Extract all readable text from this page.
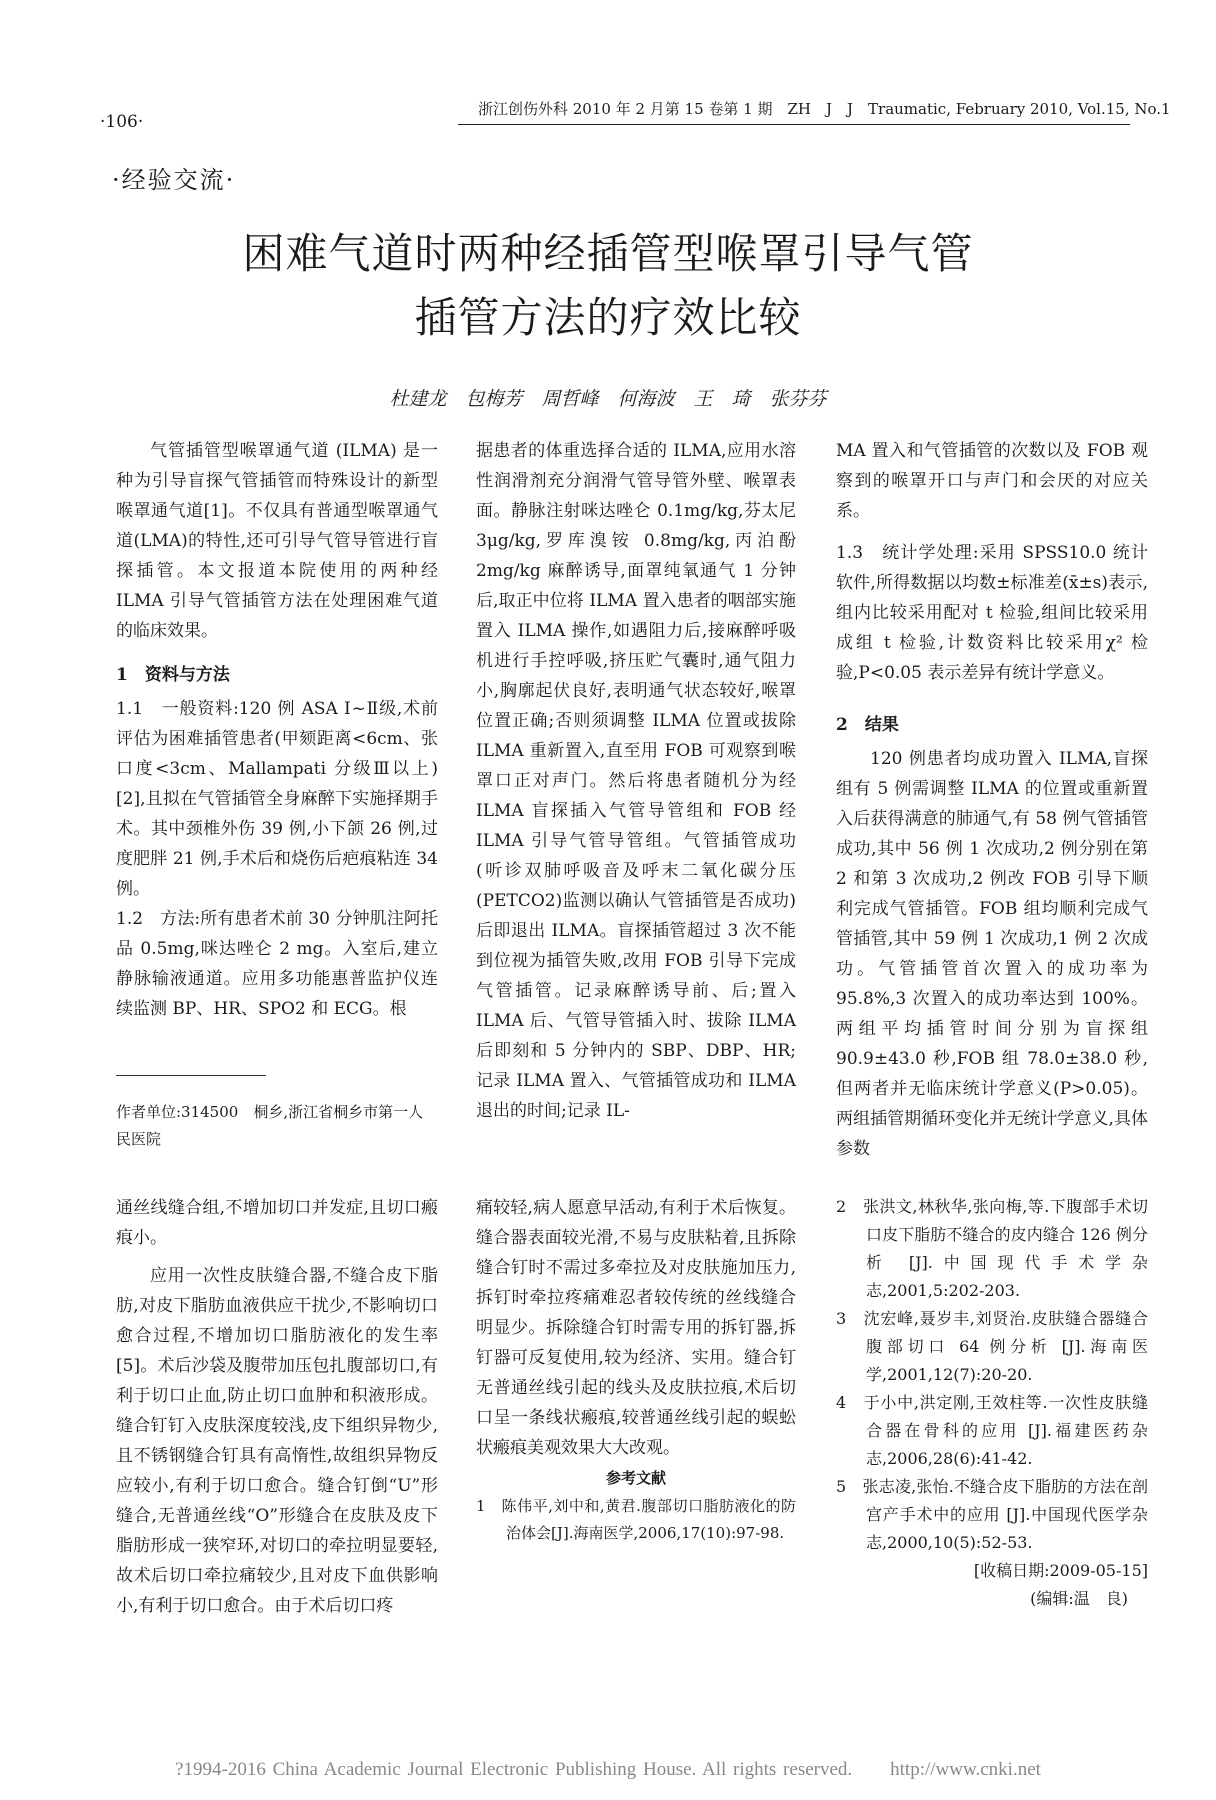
·106·
浙江创伤外科 2010 年 2 月第 15 卷第 1 期　ZH　J　J　Traumatic, February 2010, Vol.15, No.1
·经验交流·
困难气道时两种经插管型喉罩引导气管
插管方法的疗效比较
杜建龙　包梅芳　周哲峰　何海波　王　琦　张芬芬

气管插管型喉罩通气道 (ILMA) 是一种为引导盲探气管插管而特殊设计的新型喉罩通气道[1]。不仅具有普通型喉罩通气道(LMA)的特性,还可引导气管导管进行盲探插管。本文报道本院使用的两种经 ILMA 引导气管插管方法在处理困难气道的临床效果。

1　资料与方法

1.1　一般资料:120 例 ASA Ⅰ~Ⅱ级,术前评估为困难插管患者(甲颏距离<6cm、张口度<3cm、Mallampati 分级Ⅲ以上)[2],且拟在气管插管全身麻醉下实施择期手术。其中颈椎外伤 39 例,小下颌 26 例,过度肥胖 21 例,手术后和烧伤后疤痕粘连 34 例。

1.2　方法:所有患者术前 30 分钟肌注阿托品 0.5mg,咪达唑仑 2 mg。入室后,建立静脉输液通道。应用多功能惠普监护仪连续监测 BP、HR、SPO2 和 ECG。根

作者单位:314500　桐乡,浙江省桐乡市第一人民医院

据患者的体重选择合适的 ILMA,应用水溶性润滑剂充分润滑气管导管外壁、喉罩表面。静脉注射咪达唑仑 0.1mg/kg,芬太尼 3μg/kg,罗库溴铵 0.8mg/kg,丙泊酚 2mg/kg 麻醉诱导,面罩纯氧通气 1 分钟后,取正中位将 ILMA 置入患者的咽部实施置入 ILMA 操作,如遇阻力后,接麻醉呼吸机进行手控呼吸,挤压贮气囊时,通气阻力小,胸廓起伏良好,表明通气状态较好,喉罩位置正确;否则须调整 ILMA 位置或拔除 ILMA 重新置入,直至用 FOB 可观察到喉罩口正对声门。然后将患者随机分为经 ILMA 盲探插入气管导管组和 FOB 经 ILMA 引导气管导管组。气管插管成功 (听诊双肺呼吸音及呼末二氧化碳分压(PETCO2)监测以确认气管插管是否成功)后即退出 ILMA。盲探插管超过 3 次不能到位视为插管失败,改用 FOB 引导下完成气管插管。记录麻醉诱导前、后;置入 ILMA 后、气管导管插入时、拔除 ILMA 后即刻和 5 分钟内的 SBP、DBP、HR;记录 ILMA 置入、气管插管成功和 ILMA 退出的时间;记录 IL-

MA 置入和气管插管的次数以及 FOB 观察到的喉罩开口与声门和会厌的对应关系。

1.3　统计学处理:采用 SPSS10.0 统计软件,所得数据以均数±标准差(x̄±s)表示,组内比较采用配对 t 检验,组间比较采用成组 t 检验,计数资料比较采用χ² 检验,P<0.05 表示差异有统计学意义。

2　结果

120 例患者均成功置入 ILMA,盲探组有 5 例需调整 ILMA 的位置或重新置入后获得满意的肺通气,有 58 例气管插管成功,其中 56 例 1 次成功,2 例分别在第 2 和第 3 次成功,2 例改 FOB 引导下顺利完成气管插管。FOB 组均顺利完成气管插管,其中 59 例 1 次成功,1 例 2 次成功。气管插管首次置入的成功率为 95.8%,3 次置入的成功率达到 100%。两组平均插管时间分别为盲探组 90.9±43.0 秒,FOB 组 78.0±38.0 秒,但两者并无临床统计学意义(P>0.05)。两组插管期循环变化并无统计学意义,具体参数

通丝线缝合组,不增加切口并发症,且切口瘢痕小。

应用一次性皮肤缝合器,不缝合皮下脂肪,对皮下脂肪血液供应干扰少,不影响切口愈合过程,不增加切口脂肪液化的发生率[5]。术后沙袋及腹带加压包扎腹部切口,有利于切口止血,防止切口血肿和积液形成。缝合钉钉入皮肤深度较浅,皮下组织异物少,且不锈钢缝合钉具有高惰性,故组织异物反应较小,有利于切口愈合。缝合钉倒“U”形缝合,无普通丝线“O”形缝合在皮肤及皮下脂肪形成一狭窄环,对切口的牵拉明显要轻,故术后切口牵拉痛较少,且对皮下血供影响小,有利于切口愈合。由于术后切口疼

痛较轻,病人愿意早活动,有利于术后恢复。缝合器表面较光滑,不易与皮肤粘着,且拆除缝合钉时不需过多牵拉及对皮肤施加压力,拆钉时牵拉疼痛难忍者较传统的丝线缝合明显少。拆除缝合钉时需专用的拆钉器,拆钉器可反复使用,较为经济、实用。缝合钉无普通丝线引起的线头及皮肤拉痕,术后切口呈一条线状瘢痕,较普通丝线引起的蜈蚣状瘢痕美观效果大大改观。

参考文献

1　陈伟平,刘中和,黄君.腹部切口脂肪液化的防治体会[J].海南医学,2006,17(10):97-98.

2　张洪文,林秋华,张向梅,等.下腹部手术切口皮下脂肪不缝合的皮内缝合 126 例分析 [J].中国现代手术学杂志,2001,5:202-203.

3　沈宏峰,聂岁丰,刘贤治.皮肤缝合器缝合腹部切口 64 例分析 [J].海南医学,2001,12(7):20-20.

4　于小中,洪定刚,王效柱等.一次性皮肤缝合器在骨科的应用 [J].福建医药杂志,2006,28(6):41-42.

5　张志凌,张怡.不缝合皮下脂肪的方法在剖宫产手术中的应用 [J].中国现代医学杂志,2000,10(5):52-53.

[收稿日期:2009-05-15]

(编辑:温　良)

?1994-2016 China Academic Journal Electronic Publishing House. All rights reserved.　　http://www.cnki.net
